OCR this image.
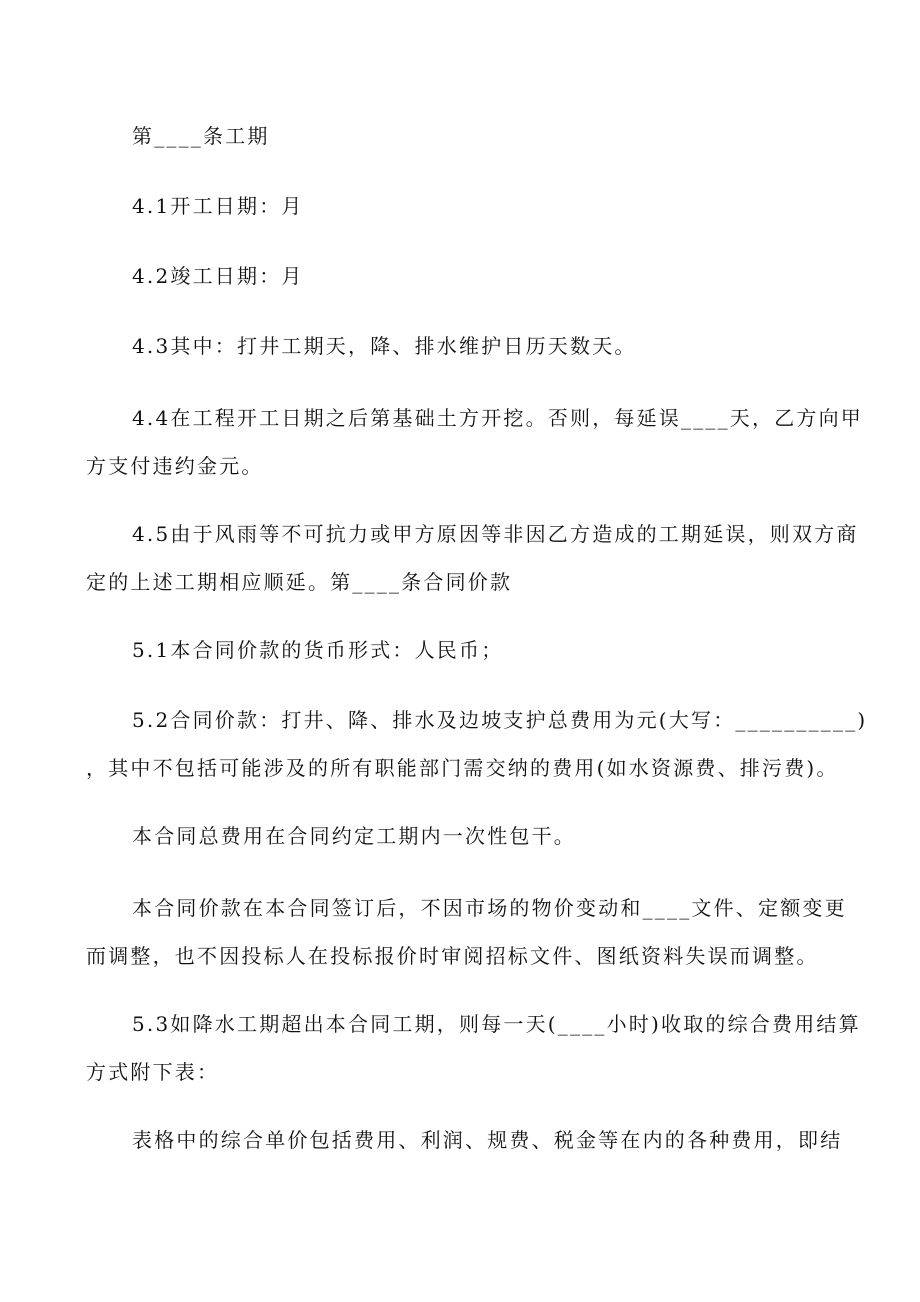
第____条工期
4.1开工日期：月
4.2竣工日期：月
4.3其中：打井工期天，降、排水维护日历天数天。
4.4在工程开工日期之后第基础土方开挖。否则，每延误____天，乙方向甲
方支付违约金元。
4.5由于风雨等不可抗力或甲方原因等非因乙方造成的工期延误，则双方商
定的上述工期相应顺延。第____条合同价款
5.1本合同价款的货币形式：人民币；
5.2合同价款：打井、降、排水及边坡支护总费用为元(大写：__________)
，其中不包括可能涉及的所有职能部门需交纳的费用(如水资源费、排污费)。
本合同总费用在合同约定工期内一次性包干。
本合同价款在本合同签订后，不因市场的物价变动和____文件、定额变更
而调整，也不因投标人在投标报价时审阅招标文件、图纸资料失误而调整。
5.3如降水工期超出本合同工期，则每一天(____小时)收取的综合费用结算
方式附下表：
表格中的综合单价包括费用、利润、规费、税金等在内的各种费用，即结
